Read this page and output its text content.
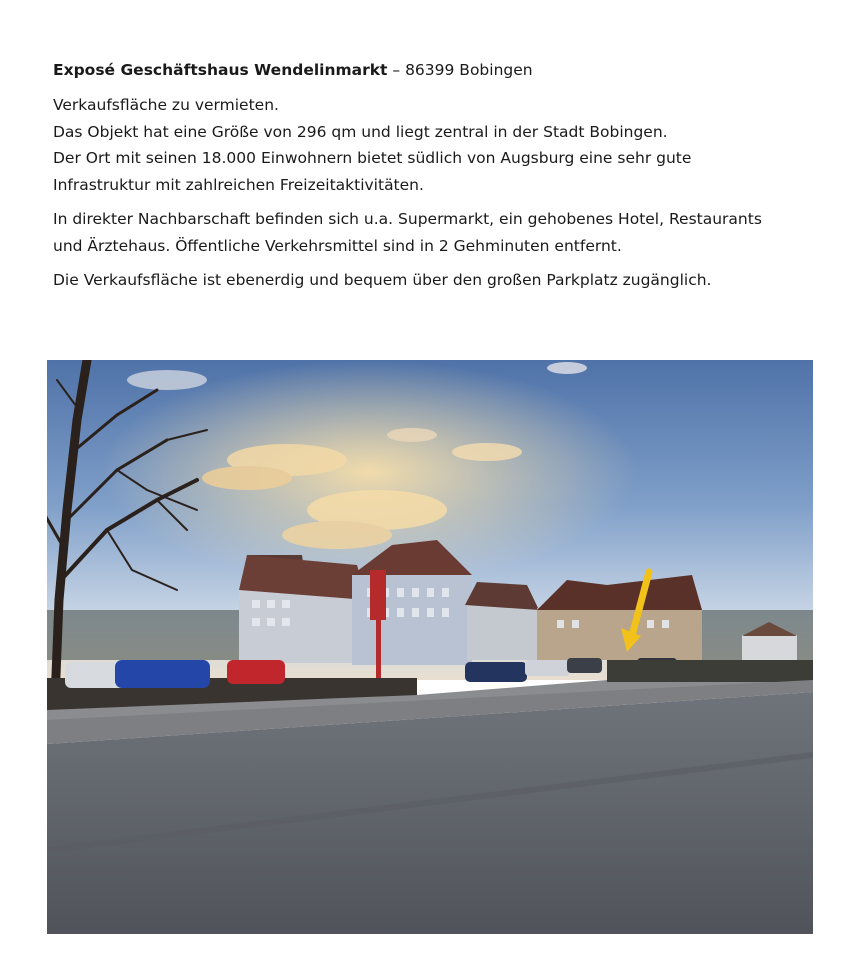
Exposé Geschäftshaus Wendelinmarkt – 86399 Bobingen

Verkaufsfläche zu vermieten.
Das Objekt hat eine Größe von 296 qm und liegt zentral in der Stadt Bobingen.
Der Ort mit seinen 18.000 Einwohnern bietet südlich von Augsburg eine sehr gute
Infrastruktur mit zahlreichen Freizeitaktivitäten.

In direkter Nachbarschaft befinden sich u.a. Supermarkt, ein gehobenes Hotel, Restaurants
und Ärztehaus. Öffentliche Verkehrsmittel sind in 2 Gehminuten entfernt.

Die Verkaufsfläche ist ebenerdig und bequem über den großen Parkplatz zugänglich.
